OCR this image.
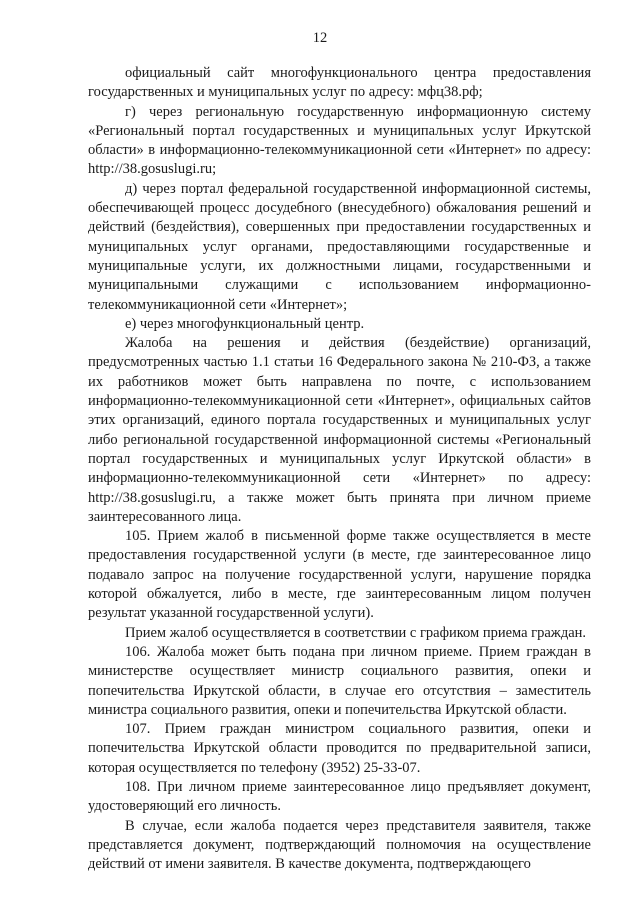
12

официальный сайт многофункционального центра предоставления государственных и муниципальных услуг по адресу: мфц38.рф;

г) через региональную государственную информационную систему «Региональный портал государственных и муниципальных услуг Иркутской области» в информационно-телекоммуникационной сети «Интернет» по адресу: http://38.gosuslugi.ru;

д) через портал федеральной государственной информационной системы, обеспечивающей процесс досудебного (внесудебного) обжалования решений и действий (бездействия), совершенных при предоставлении государственных и муниципальных услуг органами, предоставляющими государственные и муниципальные услуги, их должностными лицами, государственными и муниципальными служащими с использованием информационно-телекоммуникационной сети «Интернет»;

е) через многофункциональный центр.

Жалоба на решения и действия (бездействие) организаций, предусмотренных частью 1.1 статьи 16 Федерального закона № 210-ФЗ, а также их работников может быть направлена по почте, с использованием информационно-телекоммуникационной сети «Интернет», официальных сайтов этих организаций, единого портала государственных и муниципальных услуг либо региональной государственной информационной системы «Региональный портал государственных и муниципальных услуг Иркутской области» в информационно-телекоммуникационной сети «Интернет» по адресу: http://38.gosuslugi.ru, а также может быть принята при личном приеме заинтересованного лица.

105. Прием жалоб в письменной форме также осуществляется в месте предоставления государственной услуги (в месте, где заинтересованное лицо подавало запрос на получение государственной услуги, нарушение порядка которой обжалуется, либо в месте, где заинтересованным лицом получен результат указанной государственной услуги).

Прием жалоб осуществляется в соответствии с графиком приема граждан.

106. Жалоба может быть подана при личном приеме. Прием граждан в министерстве осуществляет министр социального развития, опеки и попечительства Иркутской области, в случае его отсутствия – заместитель министра социального развития, опеки и попечительства Иркутской области.

107. Прием граждан министром социального развития, опеки и попечительства Иркутской области проводится по предварительной записи, которая осуществляется по телефону (3952) 25-33-07.

108. При личном приеме заинтересованное лицо предъявляет документ, удостоверяющий его личность.

В случае, если жалоба подается через представителя заявителя, также представляется документ, подтверждающий полномочия на осуществление действий от имени заявителя. В качестве документа, подтверждающего
